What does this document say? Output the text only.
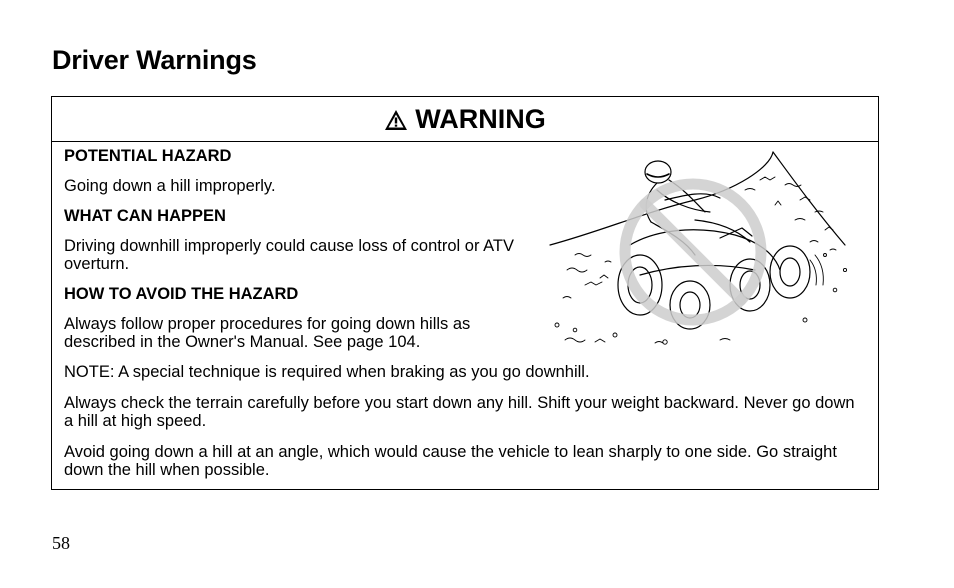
Driver Warnings
WARNING

POTENTIAL HAZARD

Going down a hill improperly.

WHAT CAN HAPPEN

Driving downhill improperly could cause loss of control or ATV overturn.

HOW TO AVOID THE HAZARD

Always follow proper procedures for going down hills as described in the Owner's Manual. See page 104.

NOTE: A special technique is required when braking as you go downhill.

Always check the terrain carefully before you start down any hill. Shift your weight backward. Never go down a hill at high speed.

Avoid going down a hill at an angle, which would cause the vehicle to lean sharply to one side. Go straight down the hill when possible.

58
